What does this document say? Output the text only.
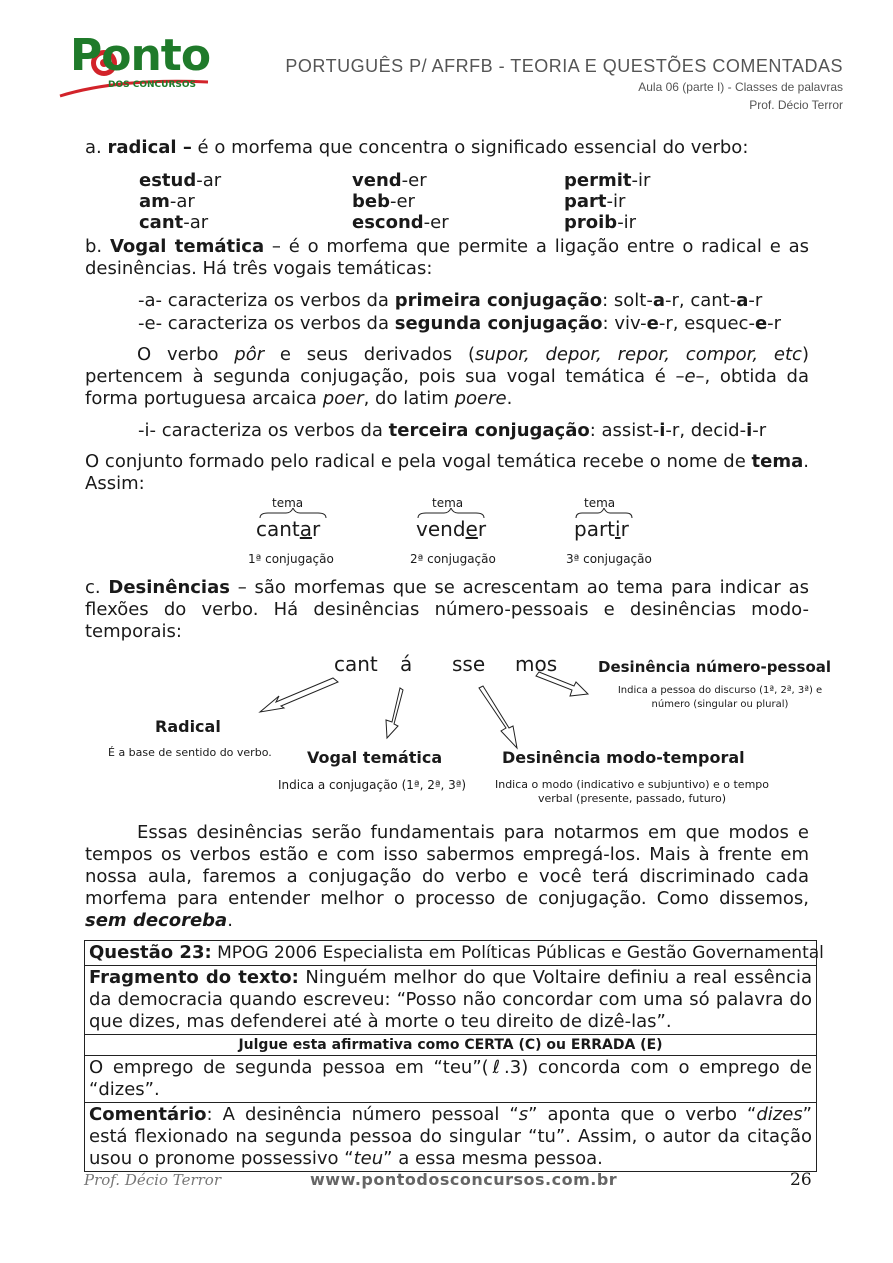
Ponto
DOS CONCURSOS
PORTUGUÊS P/ AFRFB - TEORIA E QUESTÕES COMENTADAS
Aula 06 (parte I) - Classes de palavras
Prof. Décio Terror
a. radical – é o morfema que concentra o significado essencial do verbo:
estud-ar
am-ar
cant-ar
vend-er
beb-er
escond-er
permit-ir
part-ir
proib-ir
b. Vogal temática – é o morfema que permite a ligação entre o radical e as desinências. Há três vogais temáticas:
-a- caracteriza os verbos da primeira conjugação: solt-a-r, cant-a-r
-e- caracteriza os verbos da segunda conjugação: viv-e-r, esquec-e-r
O verbo pôr e seus derivados (supor, depor, repor, compor, etc) pertencem à segunda conjugação, pois sua vogal temática é –e–, obtida da forma portuguesa arcaica poer, do latim poere.
-i- caracteriza os verbos da terceira conjugação: assist-i-r, decid-i-r
O conjunto formado pelo radical e pela vogal temática recebe o nome de tema. Assim:
tema
cantar
1ª conjugação
tema
vender
2ª conjugação
tema
partir
3ª conjugação
c. Desinências – são morfemas que se acrescentam ao tema para indicar as flexões do verbo. Há desinências número-pessoais e desinências modo-temporais:
cant á sse mos
Radical
É a base de sentido do verbo. Vogal temática
Indica a conjugação (1ª, 2ª, 3ª)
Desinência modo-temporal
Indica o modo (indicativo e subjuntivo) e o tempo verbal (presente, passado, futuro)
Desinência número-pessoal
Indica a pessoa do discurso (1ª, 2ª, 3ª) e número (singular ou plural)
Essas desinências serão fundamentais para notarmos em que modos e tempos os verbos estão e com isso sabermos empregá-los. Mais à frente em nossa aula, faremos a conjugação do verbo e você terá discriminado cada morfema para entender melhor o processo de conjugação. Como dissemos, sem decoreba.
Questão 23: MPOG 2006 Especialista em Políticas Públicas e Gestão Governamental
Fragmento do texto: Ninguém melhor do que Voltaire definiu a real essência da democracia quando escreveu: “Posso não concordar com uma só palavra do que dizes, mas defenderei até à morte o teu direito de dizê-las”.
Julgue esta afirmativa como CERTA (C) ou ERRADA (E)
O emprego de segunda pessoa em “teu”(ℓ.3) concorda com o emprego de “dizes”.
Comentário: A desinência número pessoal “s” aponta que o verbo “dizes” está flexionado na segunda pessoa do singular “tu”. Assim, o autor da citação usou o pronome possessivo “teu” a essa mesma pessoa.
Prof. Décio Terror	www.pontodosconcursos.com.br	26
